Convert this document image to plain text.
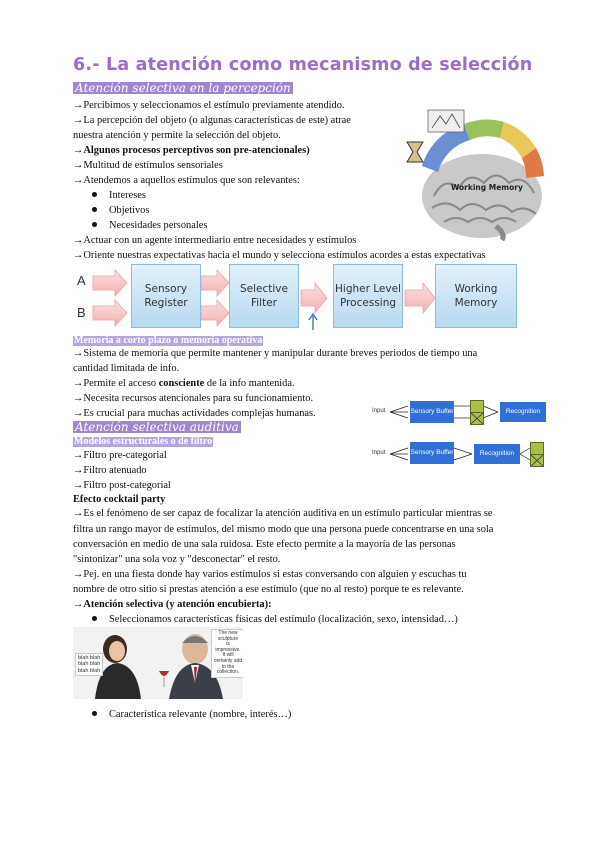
6.- La atención como mecanismo de selección
Atención selectiva en la percepción
→Percibimos y seleccionamos el estímulo previamente atendido.
→La percepción del objeto (o algunas características de este) atrae
nuestra atención y permite la selección del objeto.
→Algunos procesos perceptivos son pre-atencionales)
→Multitud de estímulos sensoriales
→Atendemos a aquellos estímulos que son relevantes:
Intereses
Objetivos
Necesidades personales
→Actuar con un agente intermediario entre necesidades y estímulos
→Oriente nuestras expectativas hacia el mundo y selecciona estímulos acordes a estas expectativas
Working Memory
A
B
Sensory Register
Selective Filter
Higher Level Processing
Working Memory
Memoria a corto plazo o memoria operativa
→Sistema de memoria que permite mantener y manipular durante breves periodos de tiempo una
cantidad limitada de info.
→Permite el acceso consciente de la info mantenida.
→Necesita recursos atencionales para su funcionamiento.
→Es crucial para muchas actividades complejas humanas.	Input	Sensory Buffer	Recognition
Input	Sensory Buffer	Recognition
Atención selectiva auditiva
Modelos estructurales o de filtro
→Filtro pre-categorial
→Filtro atenuado
→Filtro post-categorial
Efecto cocktail party
→Es el fenómeno de ser capaz de focalizar la atención auditiva en un estímulo particular mientras se
filtra un rango mayor de estímulos, del mismo modo que una persona puede concentrarse en una sola
conversación en medio de una sala ruidosa. Este efecto permite a la mayoría de las personas
"sintonizar" una sola voz y "desconectar" el resto.
→Pej. en una fiesta donde hay varios estímulos si estas conversando con alguien y escuchas tu
nombre de otro sitio si prestas atención a ese estímulo (que no al resto) porque te es relevante.
→Atención selectiva (y atención encubierta):
Seleccionamos características físicas del estímulo (localización, sexo, intensidad…)
blah blah
blah blah
blah blah
The new
sculpture
is impressive.
It will
certainly add
to the
collection.
Característica relevante (nombre, interés…)
